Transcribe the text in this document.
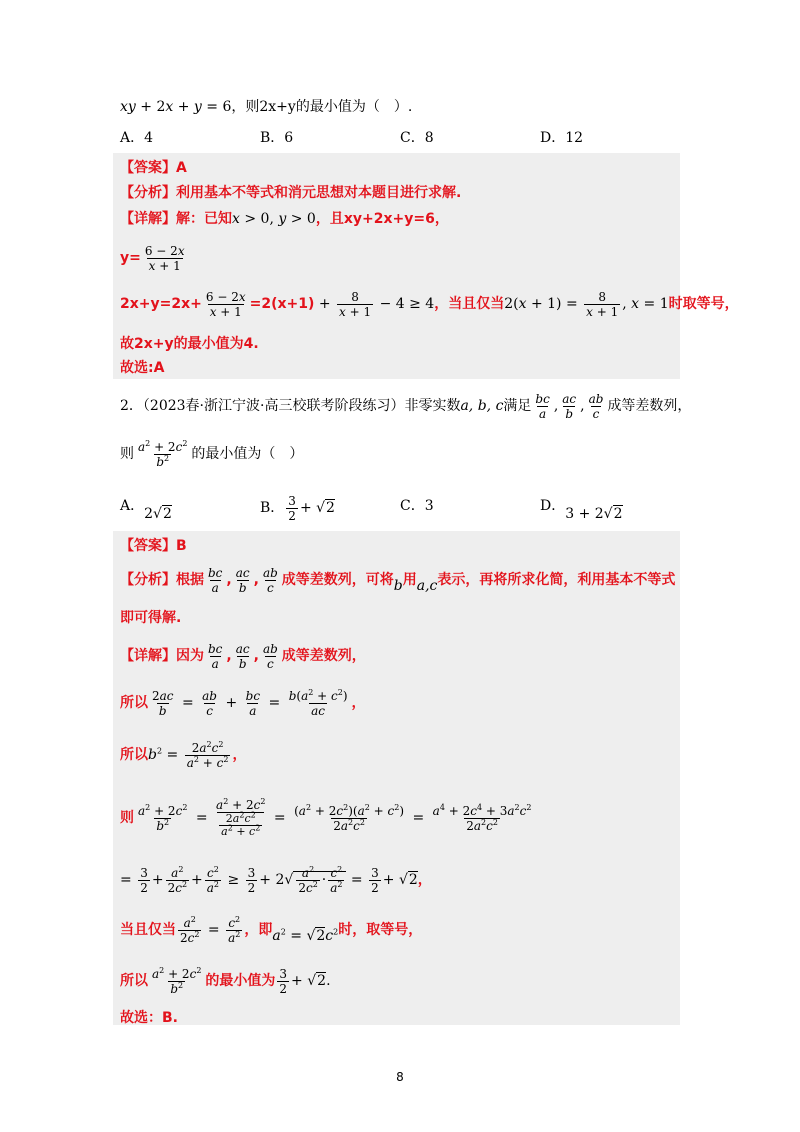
xy + 2x + y = 6，则2x+y的最小值为（　）.
A．4	B．6	C．8	D．12
【答案】A
【分析】利用基本不等式和消元思想对本题目进行求解.
【详解】解：已知x > 0, y > 0，且xy+2x+y=6，
$y= \frac{6 - 2x}{x + 1}$
$2x+y=2x+ \frac{6 - 2x}{x + 1} =2(x+1) + \frac{8}{x + 1} - 4 \ge 4$，当且仅当$2(x + 1) = \frac{8}{x + 1}$ , x = 1时取等号，
故2x+y的最小值为4.
故选:A
2．（2023春·浙江宁波·高三校联考阶段练习）非零实数a, b, c满足 $\frac{bc}{a}$ , $\frac{ac}{b}$ , $\frac{ab}{c}$ 成等差数列，
则 $\frac{a^2 + 2c^2}{b^2}$ 的最小值为（　）
A．2√2	B． $\frac{3}{2} + √2$	C．3	D．3 + 2√2
【答案】B
【分析】根据 $\frac{bc}{a}$ , $\frac{ac}{b}$ , $\frac{ab}{c}$ 成等差数列，可将b用a,c表示，再将所求化简，利用基本不等式
即可得解.
【详解】因为 $\frac{bc}{a}$ , $\frac{ac}{b}$ , $\frac{ab}{c}$ 成等差数列，
所以 $\frac{2ac}{b} = \frac{ab}{c} + \frac{bc}{a} = \frac{b(a^2 + c^2)}{ac}$ ，
所以$b^2 = \frac{2a^2c^2}{a^2 + c^2}$ ，
则 $\frac{a^2 + 2c^2}{b^2} = \frac{a^2 + 2c^2}{\frac{2a^2c^2}{a^2 + c^2}} = \frac{(a^2 + 2c^2)(a^2 + c^2)}{2a^2c^2} = \frac{a^4 + 2c^4 + 3a^2c^2}{2a^2c^2}$
= $\frac{3}{2} + \frac{a^2}{2c^2} + \frac{c^2}{a^2} \ge \frac{3}{2} + 2√ \frac{a^2}{2c^2} \cdot \frac{c^2}{a^2} = \frac{3}{2} + √2$，
当且仅当 $\frac{a^2}{2c^2} = \frac{c^2}{a^2}$ ，即$a^2 = √2c^2$时，取等号，
所以 $\frac{a^2 + 2c^2}{b^2}$ 的最小值为 $\frac{3}{2} + √2$.
故选：B.
8
